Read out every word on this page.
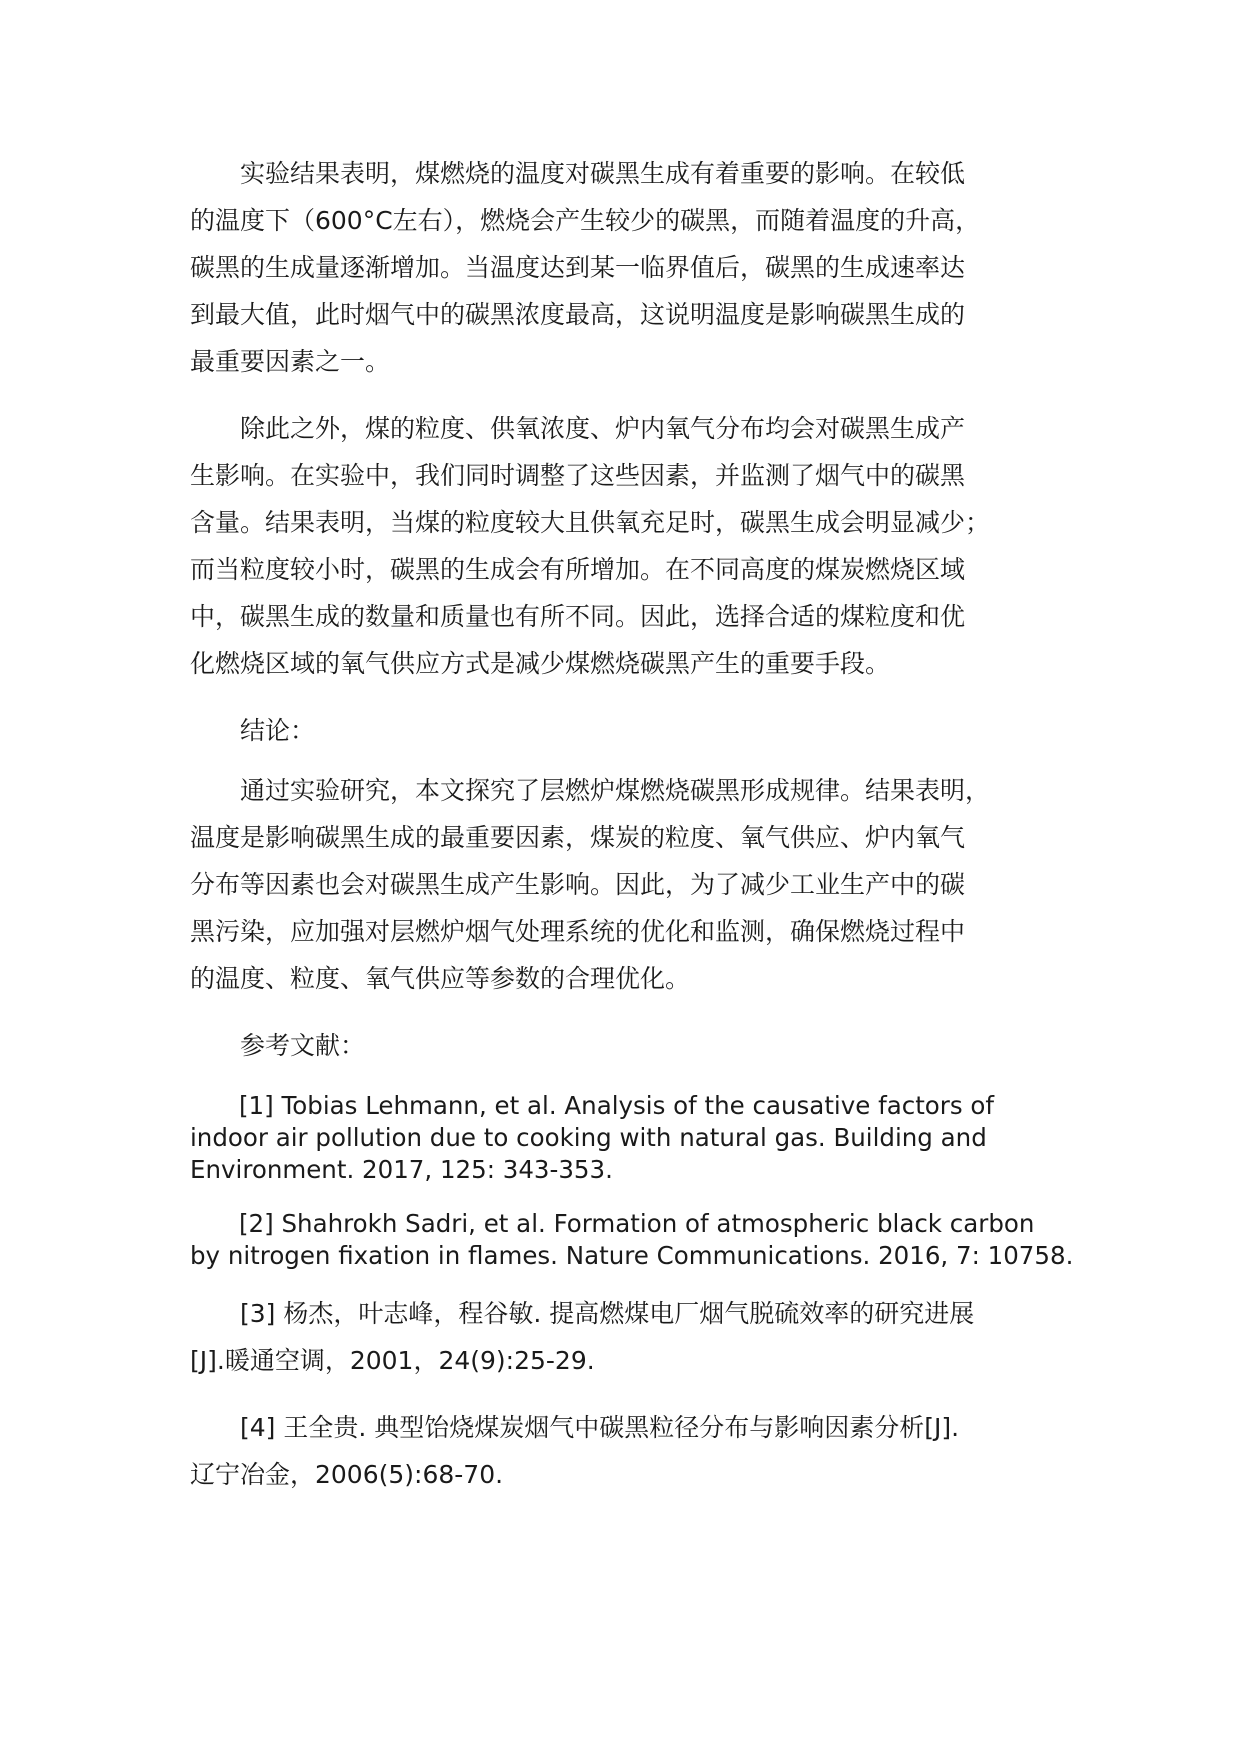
　　实验结果表明，煤燃烧的温度对碳黑生成有着重要的影响。在较低
的温度下（600°C左右），燃烧会产生较少的碳黑，而随着温度的升高，
碳黑的生成量逐渐增加。当温度达到某一临界值后，碳黑的生成速率达
到最大值，此时烟气中的碳黑浓度最高，这说明温度是影响碳黑生成的
最重要因素之一。
　　除此之外，煤的粒度、供氧浓度、炉内氧气分布均会对碳黑生成产
生影响。在实验中，我们同时调整了这些因素，并监测了烟气中的碳黑
含量。结果表明，当煤的粒度较大且供氧充足时，碳黑生成会明显减少；
而当粒度较小时，碳黑的生成会有所增加。在不同高度的煤炭燃烧区域
中，碳黑生成的数量和质量也有所不同。因此，选择合适的煤粒度和优
化燃烧区域的氧气供应方式是减少煤燃烧碳黑产生的重要手段。
　　结论：
　　通过实验研究，本文探究了层燃炉煤燃烧碳黑形成规律。结果表明，
温度是影响碳黑生成的最重要因素，煤炭的粒度、氧气供应、炉内氧气
分布等因素也会对碳黑生成产生影响。因此，为了减少工业生产中的碳
黑污染，应加强对层燃炉烟气处理系统的优化和监测，确保燃烧过程中
的温度、粒度、氧气供应等参数的合理优化。
　　参考文献：
　　[1] Tobias Lehmann, et al. Analysis of the causative factors of
indoor air pollution due to cooking with natural gas. Building and
Environment. 2017, 125: 343-353.
　　[2] Shahrokh Sadri, et al. Formation of atmospheric black carbon
by nitrogen fixation in flames. Nature Communications. 2016, 7: 10758.
　　[3] 杨杰，叶志峰，程谷敏. 提高燃煤电厂烟气脱硫效率的研究进展
[J].暖通空调，2001，24(9):25-29.
　　[4] 王全贵. 典型饴烧煤炭烟气中碳黑粒径分布与影响因素分析[J].
辽宁冶金，2006(5):68-70.
